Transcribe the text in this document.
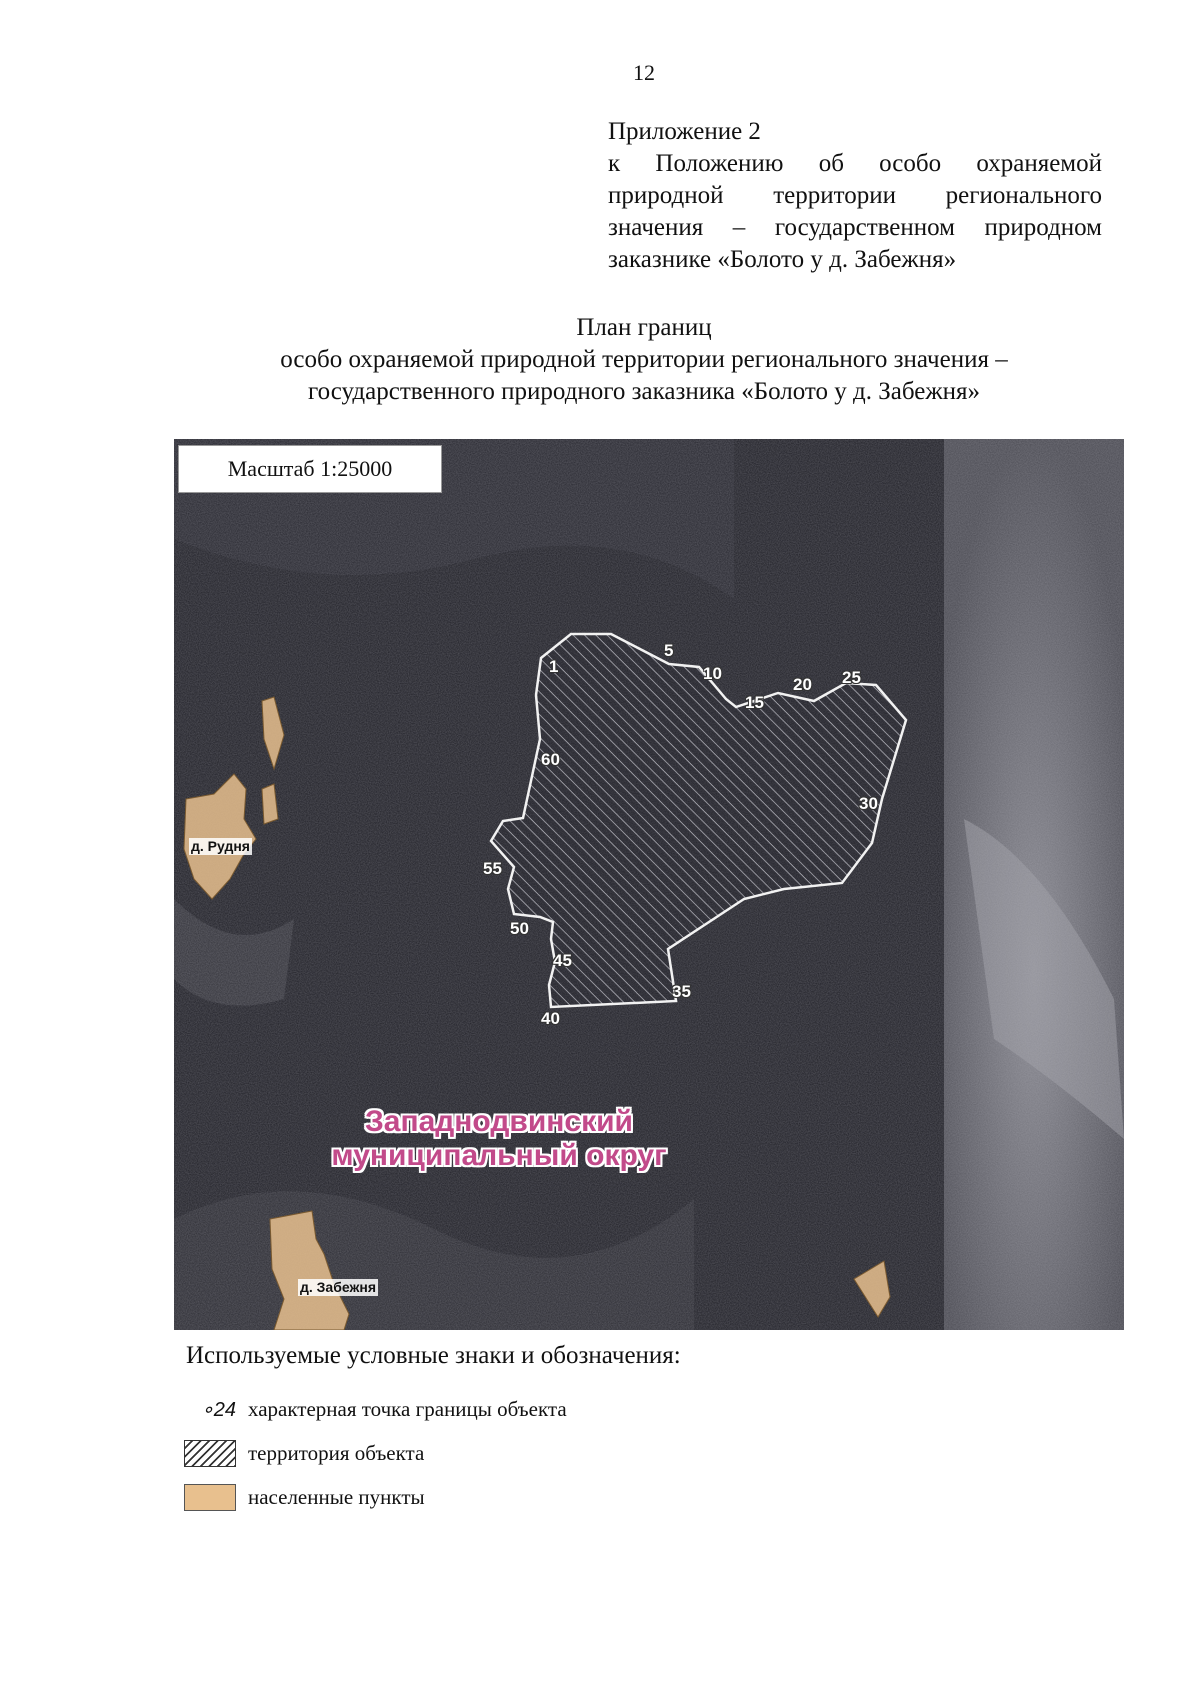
12
Приложение 2
к Положению об особо охраняемой природной территории регионального значения – государственном природном заказнике «Болото у д. Забежня»
План границ
особо охраняемой природной территории регионального значения –
государственного природного заказника «Болото у д. Забежня»
Масштаб 1:25000
1
5
10
15
20 25
30
35
40
45
50
55
60
д. Рудня
д. Забежня
Западнодвинский
муниципальный округ
Используемые условные знаки и обозначения:
∘24 характерная точка границы объекта
территория объекта
населенные пункты
